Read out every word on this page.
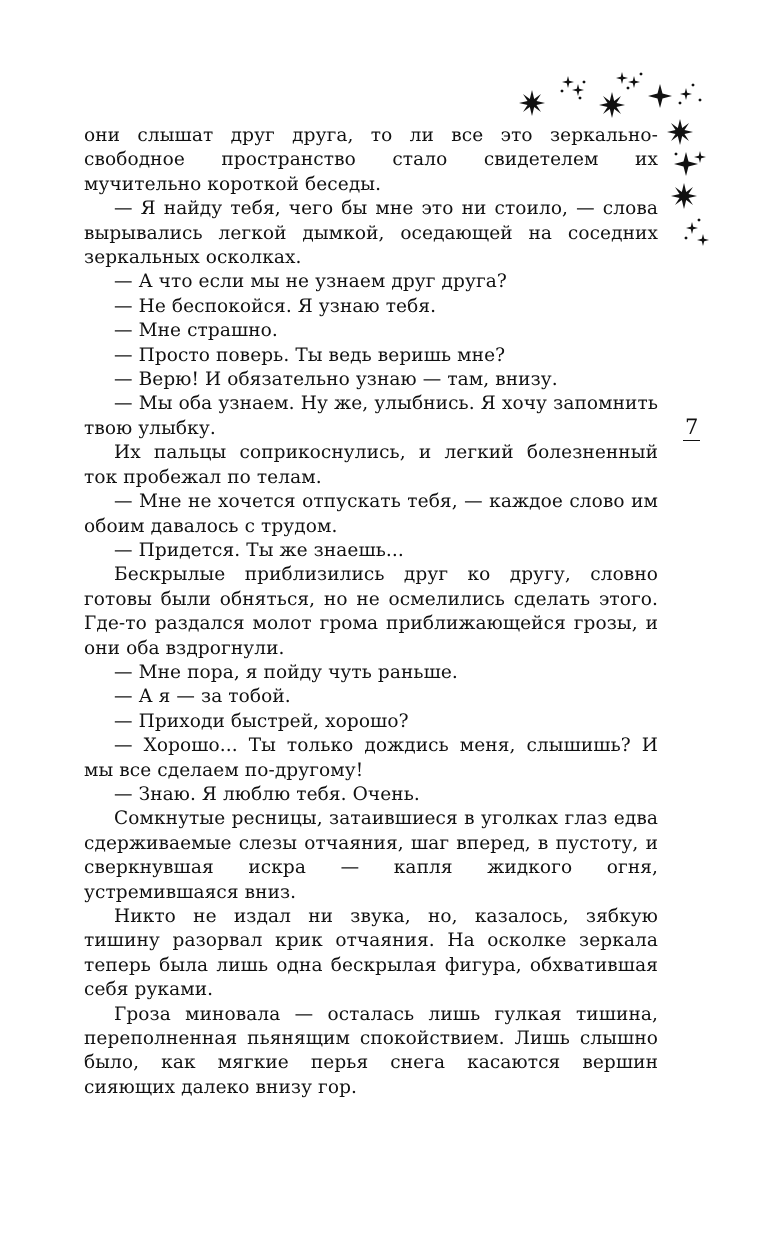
они слышат друг друга, то ли все это зеркально-свободное пространство стало свидетелем их мучительно короткой беседы.

— Я найду тебя, чего бы мне это ни стоило, — слова вырывались легкой дымкой, оседающей на соседних зеркальных осколках.

— А что если мы не узнаем друг друга?

— Не беспокойся. Я узнаю тебя.

— Мне страшно.

— Просто поверь. Ты ведь веришь мне?

— Верю! И обязательно узнаю — там, внизу.

— Мы оба узнаем. Ну же, улыбнись. Я хочу запомнить твою улыбку.

Их пальцы соприкоснулись, и легкий болезненный ток пробежал по телам.

— Мне не хочется отпускать тебя, — каждое слово им обоим давалось с трудом.

— Придется. Ты же знаешь...

Бескрылые приблизились друг ко другу, словно готовы были обняться, но не осмелились сделать этого. Где-то раздался молот грома приближающейся грозы, и они оба вздрогнули.

— Мне пора, я пойду чуть раньше.

— А я — за тобой.

— Приходи быстрей, хорошо?

— Хорошо... Ты только дождись меня, слышишь? И мы все сделаем по-другому!

— Знаю. Я люблю тебя. Очень.

Сомкнутые ресницы, затаившиеся в уголках глаз едва сдерживаемые слезы отчаяния, шаг вперед, в пустоту, и сверкнувшая искра — капля жидкого огня, устремившаяся вниз.

Никто не издал ни звука, но, казалось, зябкую тишину разорвал крик отчаяния. На осколке зеркала теперь была лишь одна бескрылая фигура, обхватившая себя руками.

Гроза миновала — осталась лишь гулкая тишина, переполненная пьянящим спокойствием. Лишь слышно было, как мягкие перья снега касаются вершин сияющих далеко внизу гор.

7
